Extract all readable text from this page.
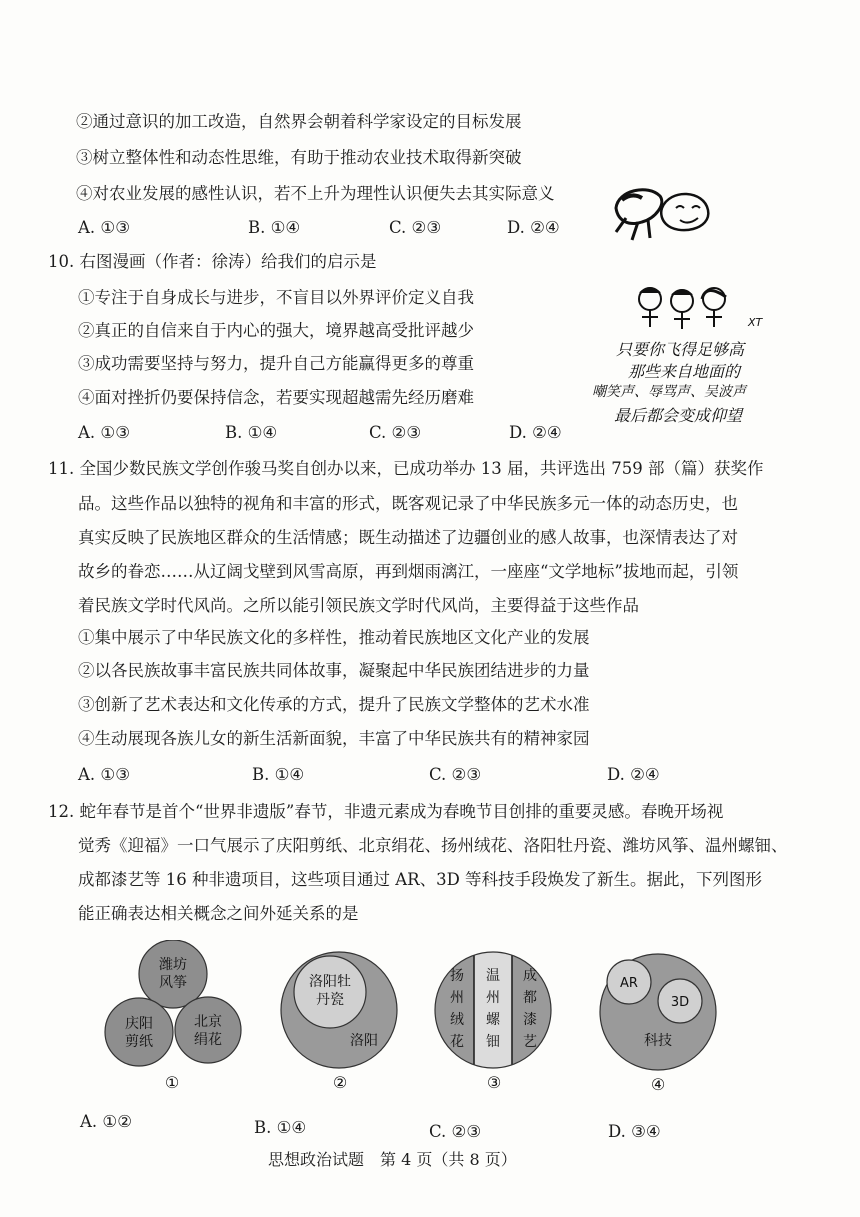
②通过意识的加工改造，自然界会朝着科学家设定的目标发展
③树立整体性和动态性思维，有助于推动农业技术取得新突破
④对农业发展的感性认识，若不上升为理性认识便失去其实际意义
A. ①③	B. ①④	C. ②③	D. ②④
10. 右图漫画（作者：徐涛）给我们的启示是
①专注于自身成长与进步，不盲目以外界评价定义自我
②真正的自信来自于内心的强大，境界越高受批评越少
③成功需要坚持与努力，提升自己方能赢得更多的尊重
④面对挫折仍要保持信念，若要实现超越需先经历磨难
A. ①③	B. ①④	C. ②③	D. ②④
XT
只要你飞得足够高
那些来自地面的
嘲笑声、辱骂声、吴波声
最后都会变成仰望
11. 全国少数民族文学创作骏马奖自创办以来，已成功举办 13 届，共评选出 759 部（篇）获奖作
品。这些作品以独特的视角和丰富的形式，既客观记录了中华民族多元一体的动态历史，也
真实反映了民族地区群众的生活情感；既生动描述了边疆创业的感人故事，也深情表达了对
故乡的眷恋……从辽阔戈壁到风雪高原，再到烟雨漓江，一座座“文学地标”拔地而起，引领
着民族文学时代风尚。之所以能引领民族文学时代风尚，主要得益于这些作品
①集中展示了中华民族文化的多样性，推动着民族地区文化产业的发展
②以各民族故事丰富民族共同体故事，凝聚起中华民族团结进步的力量
③创新了艺术表达和文化传承的方式，提升了民族文学整体的艺术水准
④生动展现各族儿女的新生活新面貌，丰富了中华民族共有的精神家园
A. ①③	B. ①④	C. ②③	D. ②④
12. 蛇年春节是首个“世界非遗版”春节，非遗元素成为春晚节目创排的重要灵感。春晚开场视
觉秀《迎福》一口气展示了庆阳剪纸、北京绢花、扬州绒花、洛阳牡丹瓷、潍坊风筝、温州螺钿、
成都漆艺等 16 种非遗项目，这些项目通过 AR、3D 等科技手段焕发了新生。据此，下列图形
能正确表达相关概念之间外延关系的是
潍坊
风筝
庆阳
剪纸
北京
绢花
①
洛阳牡
丹瓷
洛阳
②
扬
州
绒
花
温
州
螺
钿
成
都
漆
艺
③
AR
3D
科技
④
A. ①②	B. ①④	C. ②③	D. ③④
思想政治试题　第 4 页（共 8 页）
